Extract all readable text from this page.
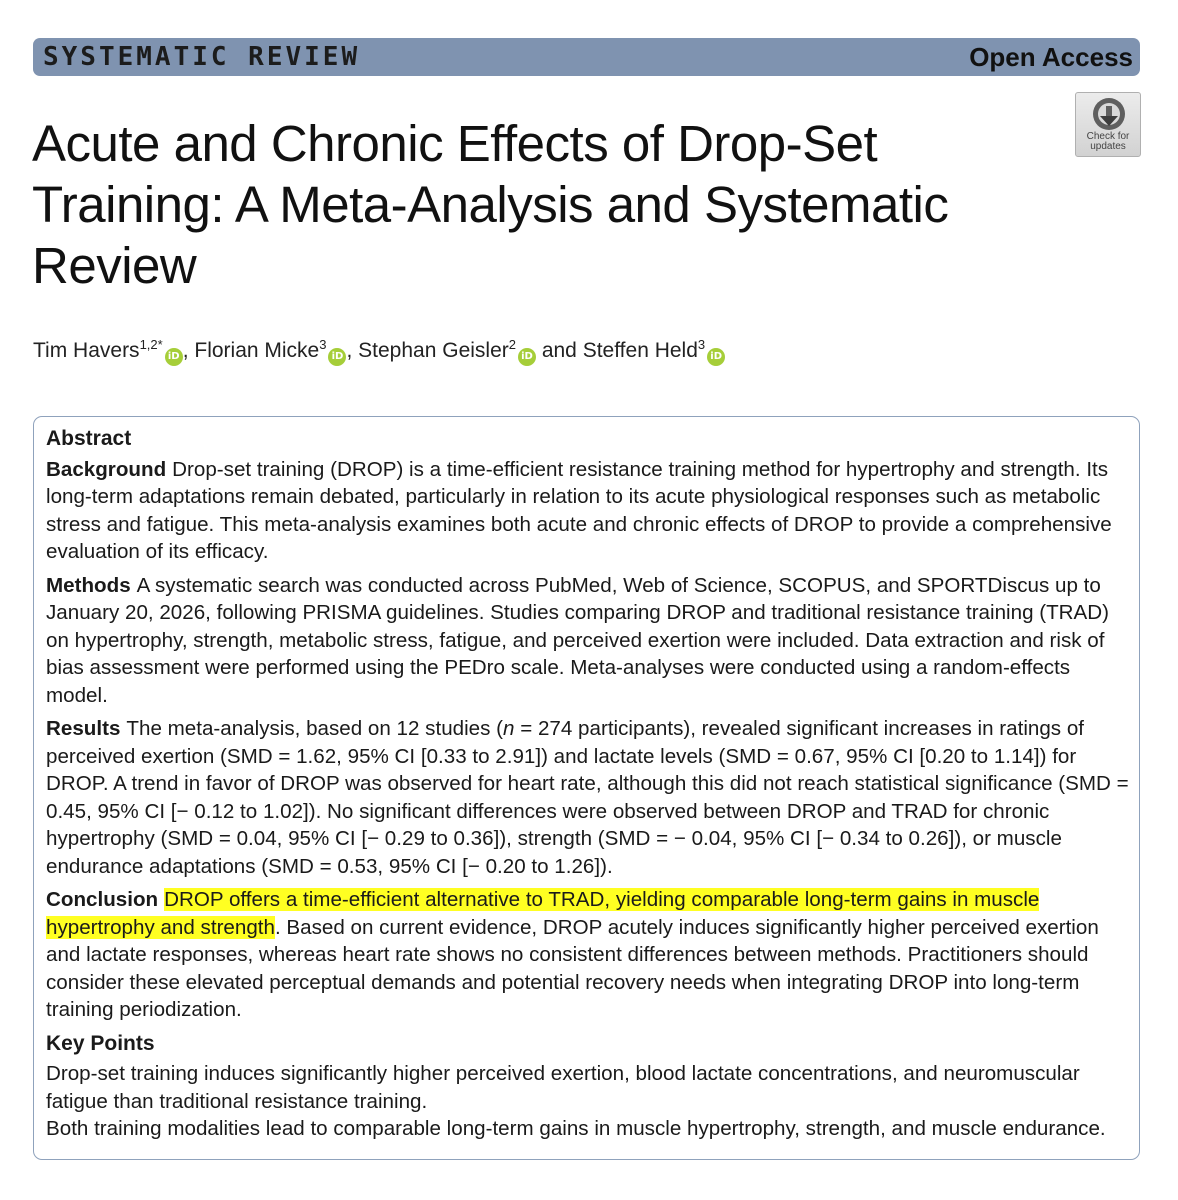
SYSTEMATIC REVIEW	Open Access
Check for
updates
Acute and Chronic Effects of Drop-Set Training: A Meta-Analysis and Systematic Review
Tim Havers$^{1,2*}$iD , Florian Micke$^3$iD , Stephan Geisler$^2$iD and Steffen Held$^3$iD
Abstract

Background Drop-set training (DROP) is a time-efficient resistance training method for hypertrophy and strength. Its long-term adaptations remain debated, particularly in relation to its acute physiological responses such as metabolic stress and fatigue. This meta-analysis examines both acute and chronic effects of DROP to provide a comprehensive evaluation of its efficacy.

Methods A systematic search was conducted across PubMed, Web of Science, SCOPUS, and SPORTDiscus up to January 20, 2026, following PRISMA guidelines. Studies comparing DROP and traditional resistance training (TRAD) on hypertrophy, strength, metabolic stress, fatigue, and perceived exertion were included. Data extraction and risk of bias assessment were performed using the PEDro scale. Meta-analyses were conducted using a random-effects model.

Results The meta-analysis, based on 12 studies (n = 274 participants), revealed significant increases in ratings of perceived exertion (SMD = 1.62, 95% CI [0.33 to 2.91]) and lactate levels (SMD = 0.67, 95% CI [0.20 to 1.14]) for DROP. A trend in favor of DROP was observed for heart rate, although this did not reach statistical significance (SMD = 0.45, 95% CI [− 0.12 to 1.02]). No significant differences were observed between DROP and TRAD for chronic hypertrophy (SMD = 0.04, 95% CI [− 0.29 to 0.36]), strength (SMD = − 0.04, 95% CI [− 0.34 to 0.26]), or muscle endurance adaptations (SMD = 0.53, 95% CI [− 0.20 to 1.26]).

Conclusion DROP offers a time-efficient alternative to TRAD, yielding comparable long-term gains in muscle hypertrophy and strength. Based on current evidence, DROP acutely induces significantly higher perceived exertion and lactate responses, whereas heart rate shows no consistent differences between methods. Practitioners should consider these elevated perceptual demands and potential recovery needs when integrating DROP into long-term training periodization.

Key Points

Drop-set training induces significantly higher perceived exertion, blood lactate concentrations, and neuromuscular fatigue than traditional resistance training.

Both training modalities lead to comparable long-term gains in muscle hypertrophy, strength, and muscle endurance.
